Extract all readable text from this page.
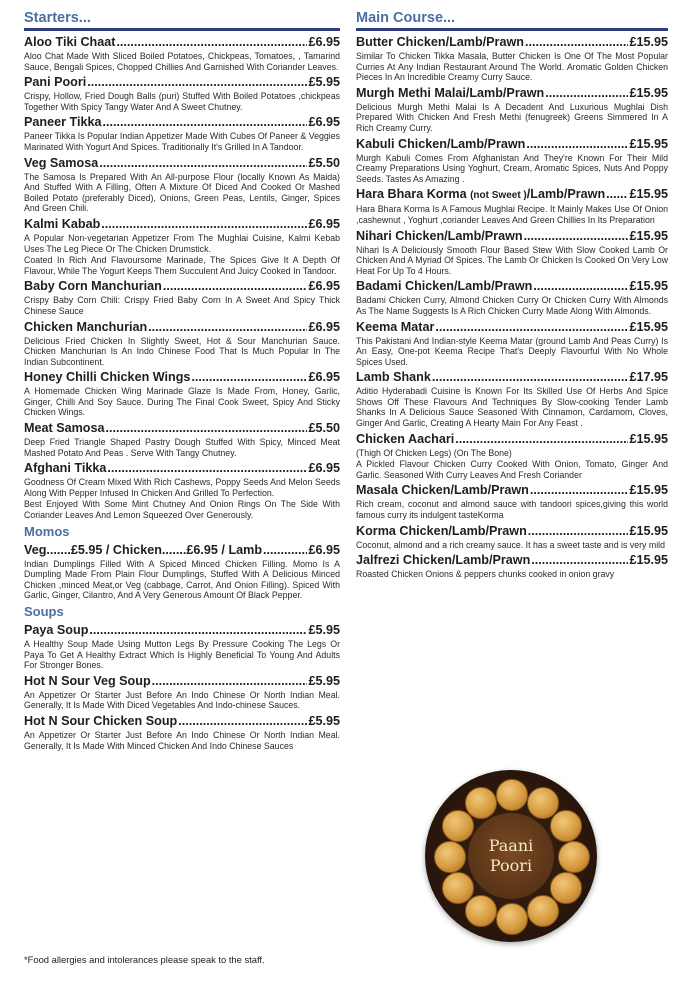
Starters...
Aloo Tiki Chaat .....	£6.95
Aloo Chat Made With Sliced Boiled Potatoes, Chickpeas, Tomatoes, , Tamarind Sauce, Bengali Spices, Chopped Chillies And Garnished With Coriander Leaves.
Pani Poori .....	£5.95
Crispy, Hollow, Fried Dough Balls (puri) Stuffed With Boiled Potatoes ,chickpeas Together With Spicy Tangy Water And A Sweet Chutney.
Paneer Tikka .....	£6.95
Paneer Tikka Is Popular Indian Appetizer Made With Cubes Of Paneer & Veggies Marinated With Yogurt And Spices. Traditionally It's Grilled In A Tandoor.
Veg Samosa .....	£5.50
The Samosa Is Prepared With An All-purpose Flour (locally Known As Maida) And Stuffed With A Filling, Often A Mixture Of Diced And Cooked Or Mashed Boiled Potato (preferably Diced), Onions, Green Peas, Lentils, Ginger, Spices And Green Chili.
Kalmi Kabab .....	£6.95
A Popular Non-vegetarian Appetizer From The Mughlai Cuisine, Kalmi Kebab Uses The Leg Piece Or The Chicken Drumstick.
Coated In Rich And Flavoursome Marinade, The Spices Give It A Depth Of Flavour, While The Yogurt Keeps Them Succulent And Juicy Cooked In Tandoor.
Baby Corn Manchurian .....	£6.95
Crispy Baby Corn Chili: Crispy Fried Baby Corn In A Sweet And Spicy Thick Chinese Sauce
Chicken Manchurian .....	£6.95
Delicious Fried Chicken In Slightly Sweet, Hot & Sour Manchurian Sauce. Chicken Manchurian Is An Indo Chinese Food That Is Much Popular In The Indian Subcontinent.
Honey Chilli Chicken Wings .....	£6.95
A Homemade Chicken Wing Marinade Glaze Is Made From, Honey, Garlic, Ginger, Chilli And Soy Sauce. During The Final Cook Sweet, Spicy And Sticky Chicken Wings.
Meat Samosa .....	£5.50
Deep Fried Triangle Shaped Pastry Dough Stuffed With Spicy, Minced Meat Mashed Potato And Peas . Serve With Tangy Chutney.
Afghani Tikka .....	£6.95
Goodness Of Cream Mixed With Rich Cashews, Poppy Seeds And Melon Seeds Along With Pepper Infused In Chicken And Grilled To Perfection.
Best Enjoyed With Some Mint Chutney And Onion Rings On The Side With Coriander Leaves And Lemon Squeezed Over Generously.
Momos
Veg ....... £5.95 / Chicken ....... £6.95 / Lamb .....	£6.95
Indian Dumplings Filled With A Spiced Minced Chicken Filling. Momo Is A Dumpling Made From Plain Flour Dumplings, Stuffed With A Delicious Minced Chicken ,minced Meat,or Veg (cabbage, Carrot, And Onion Filling). Spiced With Garlic, Ginger, Cilantro, And A Very Generous Amount Of Black Pepper.
Soups
Paya Soup .....	£5.95
A Healthy Soup Made Using Mutton Legs By Pressure Cooking The Legs Or Paya To Get A Healthy Extract Which Is Highly Beneficial To Young And Adults For Stronger Bones.
Hot N Sour Veg Soup .....	£5.95
An Appetizer Or Starter Just Before An Indo Chinese Or North Indian Meal. Generally, It Is Made With Diced Vegetables And Indo-chinese Sauces.
Hot N Sour Chicken Soup .....	£5.95
An Appetizer Or Starter Just Before An Indo Chinese Or North Indian Meal. Generally, It Is Made With Minced Chicken And Indo Chinese Sauces
Main Course...
Butter Chicken/Lamb/Prawn .....	£15.95
Similar To Chicken Tikka Masala, Butter Chicken Is One Of The Most Popular Curries At Any Indian Restaurant Around The World. Aromatic Golden Chicken Pieces In An Incredible Creamy Curry Sauce.
Murgh Methi Malai/Lamb/Prawn .....	£15.95
Delicious Murgh Methi Malai Is A Decadent And Luxurious Mughlai Dish Prepared With Chicken And Fresh Methi (fenugreek) Greens Simmered In A Rich Creamy Curry.
Kabuli Chicken/Lamb/Prawn .....	£15.95
Murgh Kabuli Comes From Afghanistan And They're Known For Their Mild Creamy Preparations Using Yoghurt, Cream, Aromatic Spices, Nuts And Poppy Seeds. Tastes As Amazing .
Hara Bhara Korma (not Sweet )/Lamb/Prawn ..... £15.95
Hara Bhara Korma Is A Famous Mughlai Recipe. It Mainly Makes Use Of Onion ,cashewnut , Yoghurt ,coriander Leaves And Green Chillies In Its Preparation
Nihari Chicken/Lamb/Prawn .....	£15.95
Nihari Is A Deliciously Smooth Flour Based Stew With Slow Cooked Lamb Or Chicken And A Myriad Of Spices. The Lamb Or Chicken Is Cooked On Very Low Heat For Up To 4 Hours.
Badami Chicken/Lamb/Prawn .....	£15.95
Badami Chicken Curry, Almond Chicken Curry Or Chicken Curry With Almonds As The Name Suggests Is A Rich Chicken Curry Made Along With Almonds.
Keema Matar .....	£15.95
This Pakistani And Indian-style Keema Matar (ground Lamb And Peas Curry) Is An Easy, One-pot Keema Recipe That's Deeply Flavourful With No Whole Spices Used.
Lamb Shank .....	£17.95
Aditio Hyderabadi Cuisine Is Known For Its Skilled Use Of Herbs And Spice Shows Off These Flavours And Techniques By Slow-cooking Tender Lamb Shanks In A Delicious Sauce Seasoned With Cinnamon, Cardamom, Cloves, Ginger And Garlic, Creating A Hearty Main For Any Feast .
Chicken Aachari .....	£15.95
(Thigh Of Chicken Legs) (On The Bone)
A Pickled Flavour Chicken Curry Cooked With Onion, Tomato, Ginger And Garlic. Seasoned With Curry Leaves And Fresh Coriander
Masala Chicken/Lamb/Prawn .....	£15.95
Rich cream, coconut and almond sauce with tandoori spices,giving this world famous curry its indulgent tasteKorma
Korma Chicken/Lamb/Prawn .....	£15.95
Coconut, almond and a rich creamy sauce. It has a sweet taste and is very mild
Jalfrezi Chicken/Lamb/Prawn .....	£15.95
Roasted Chicken Onions & peppers chunks cooked in onion gravy
Paani
Poori
*Food allergies and intolerances please speak to the staff.
